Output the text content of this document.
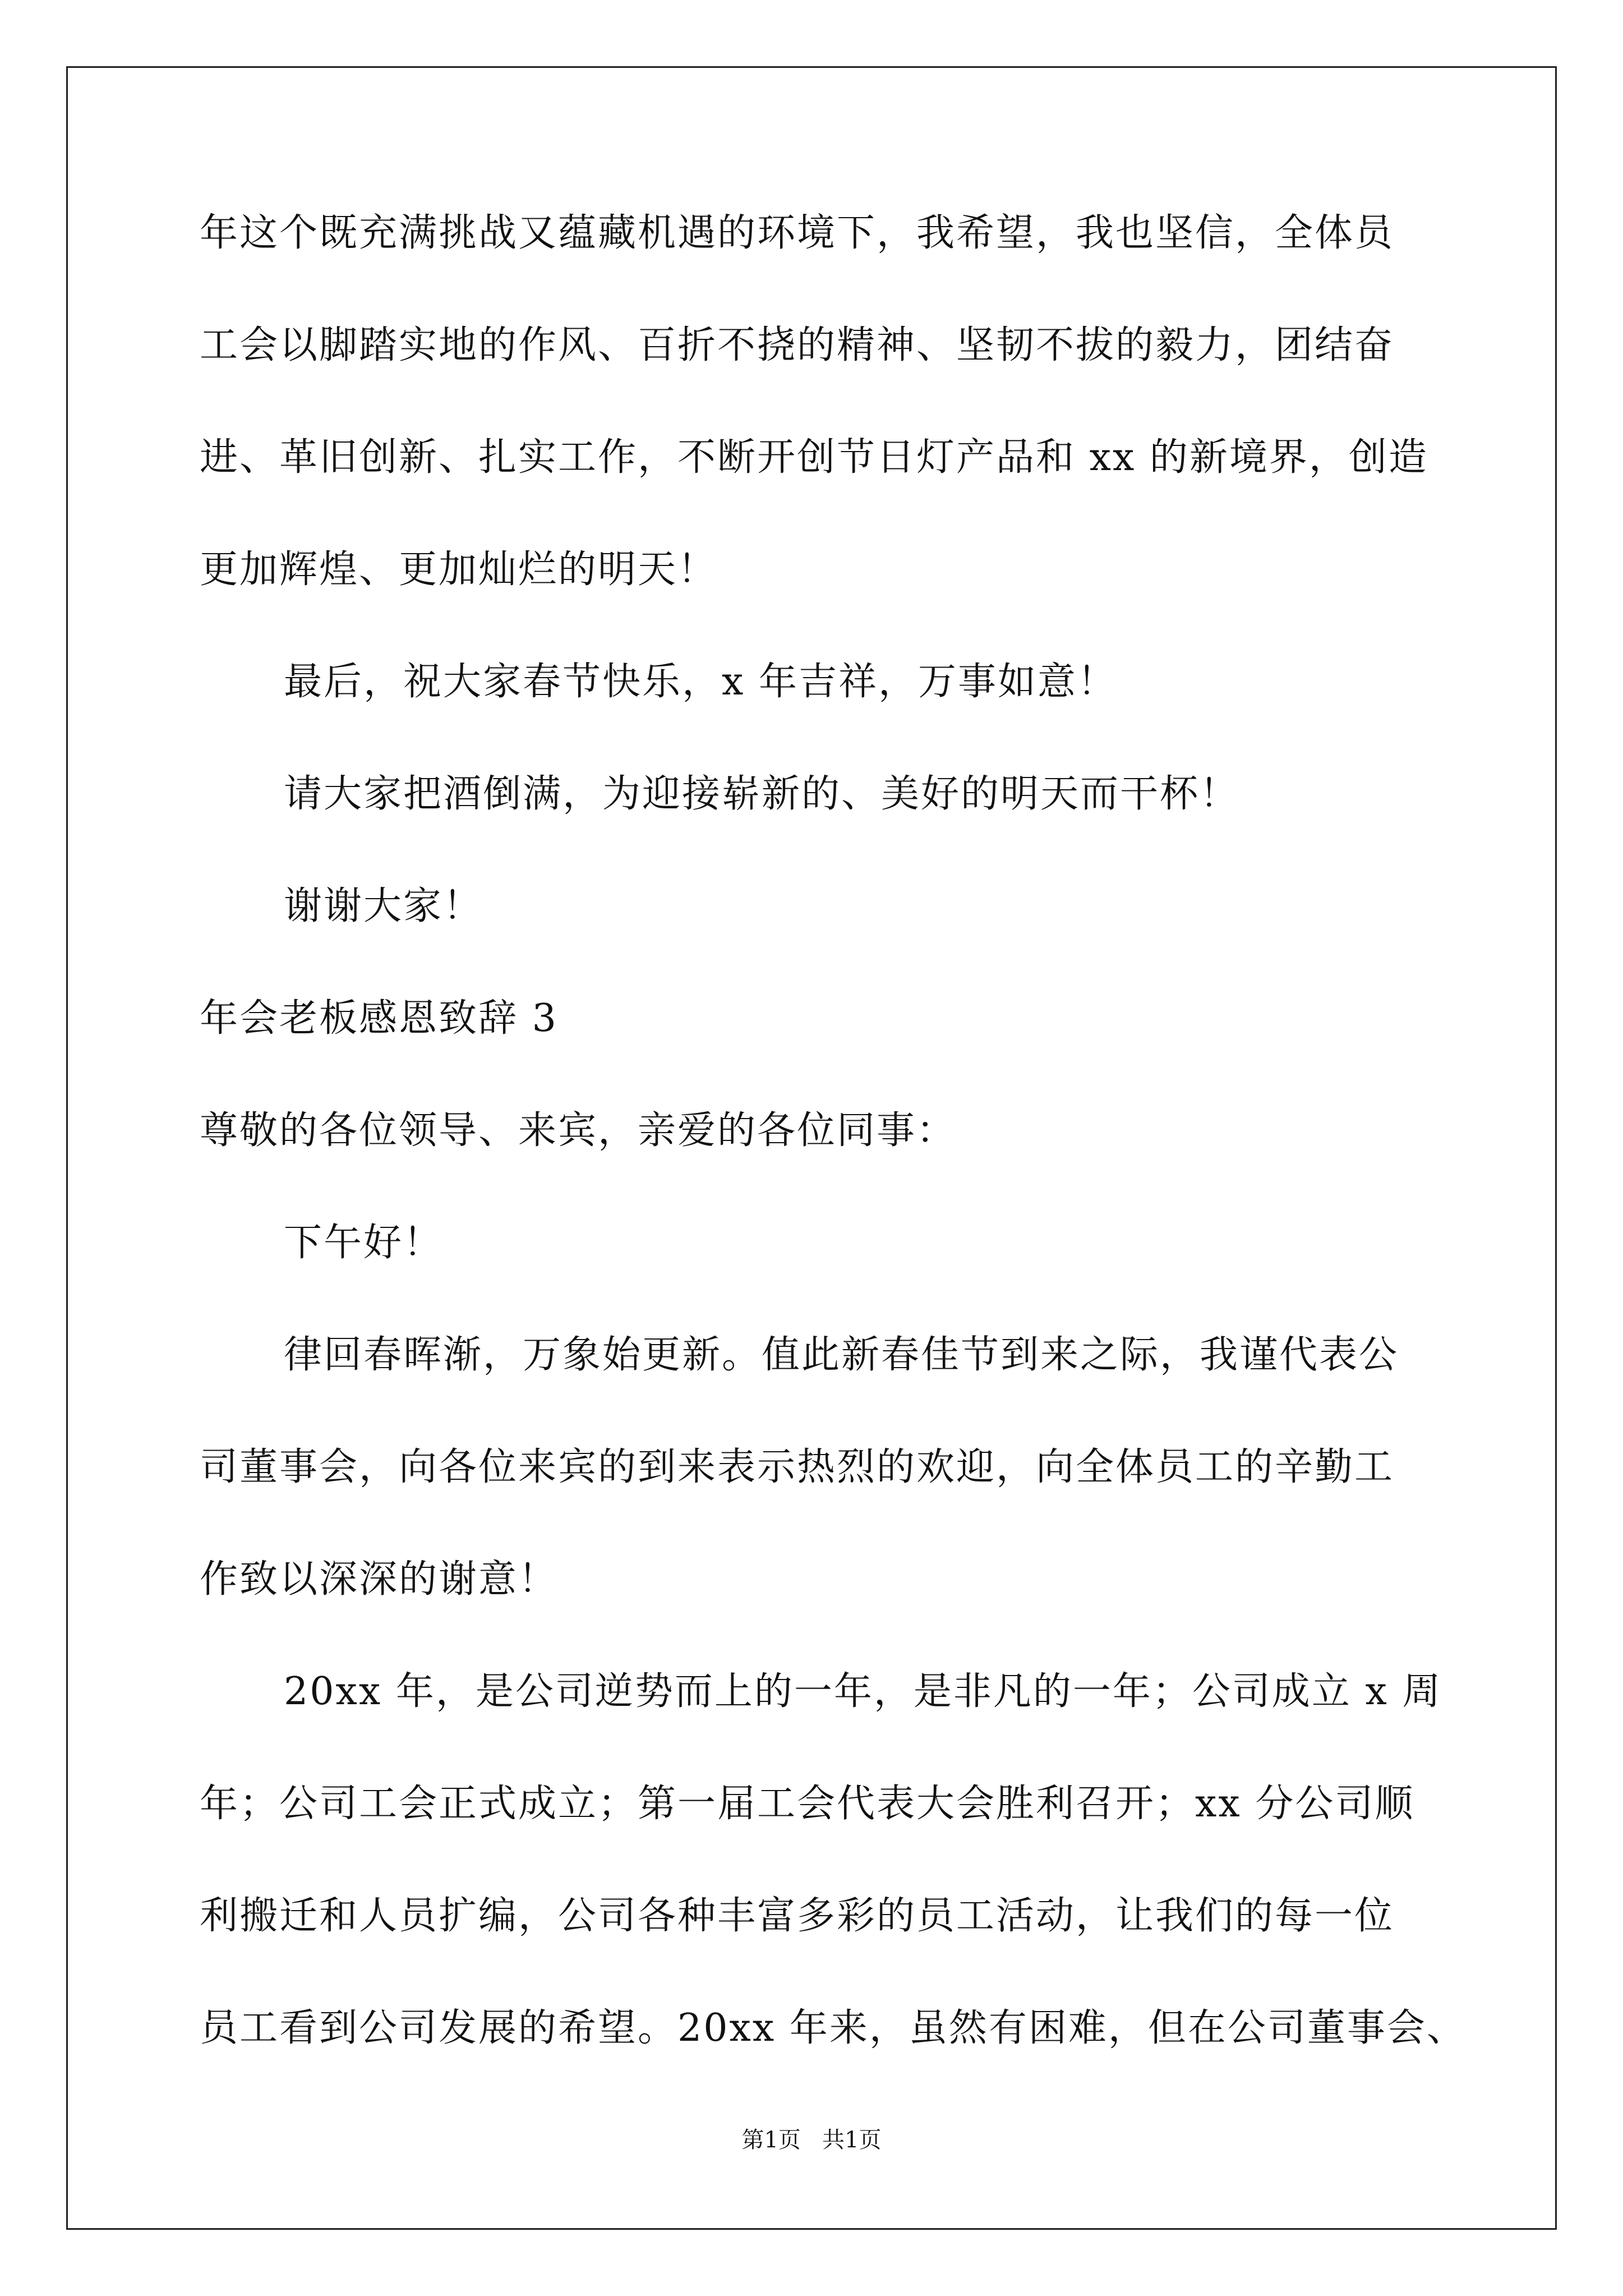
年这个既充满挑战又蕴藏机遇的环境下，我希望，我也坚信，全体员
工会以脚踏实地的作风、百折不挠的精神、坚韧不拔的毅力，团结奋
进、革旧创新、扎实工作，不断开创节日灯产品和 xx 的新境界，创造
更加辉煌、更加灿烂的明天！
最后，祝大家春节快乐，x 年吉祥，万事如意！
请大家把酒倒满，为迎接崭新的、美好的明天而干杯！
谢谢大家！
年会老板感恩致辞 3
尊敬的各位领导、来宾，亲爱的各位同事：
下午好！
律回春晖渐，万象始更新。值此新春佳节到来之际，我谨代表公
司董事会，向各位来宾的到来表示热烈的欢迎，向全体员工的辛勤工
作致以深深的谢意！
20xx 年，是公司逆势而上的一年，是非凡的一年；公司成立 x 周
年；公司工会正式成立；第一届工会代表大会胜利召开；xx 分公司顺
利搬迁和人员扩编，公司各种丰富多彩的员工活动，让我们的每一位
员工看到公司发展的希望。20xx 年来，虽然有困难，但在公司董事会、
第1页   共1页
